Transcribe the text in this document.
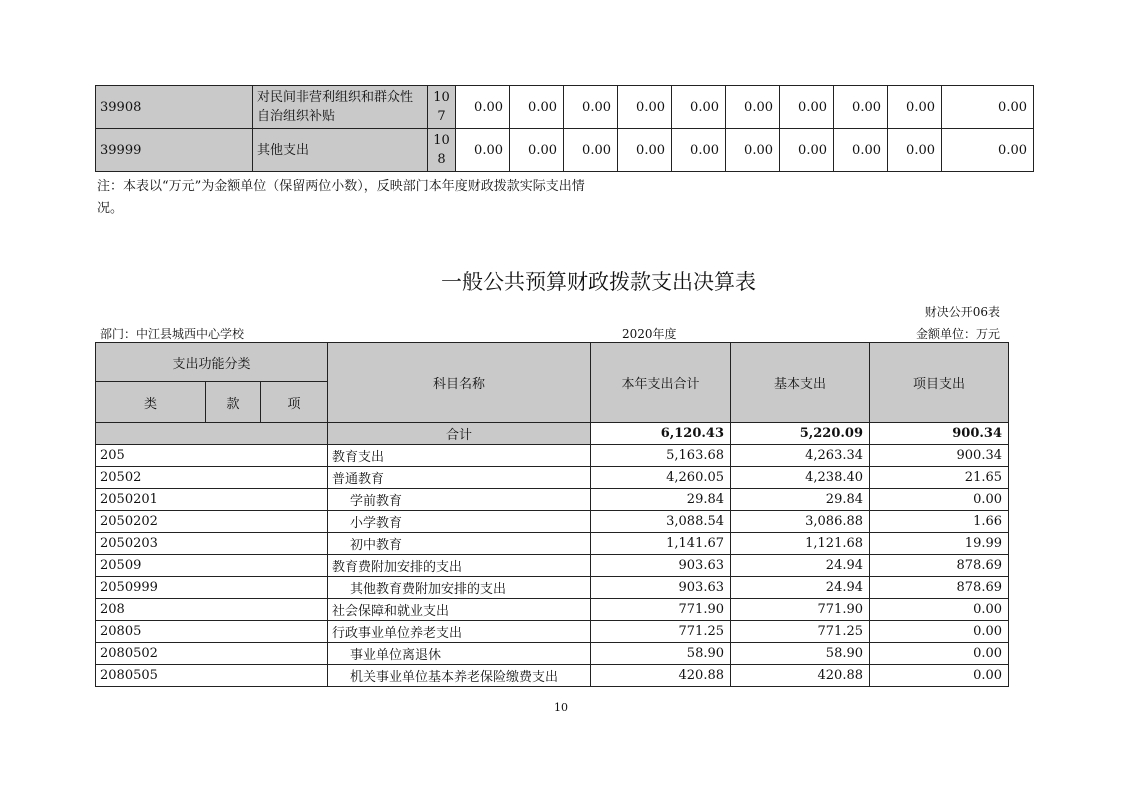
39908	对民间非营利组织和群众性自治组织补贴	107	0.00	0.00	0.00	0.00	0.00	0.00	0.00	0.00	0.00	0.00
39999	其他支出	108	0.00	0.00	0.00	0.00	0.00	0.00	0.00	0.00	0.00	0.00
注：本表以“万元”为金额单位（保留两位小数），反映部门本年度财政拨款实际支出情
况。
一般公共预算财政拨款支出决算表
财决公开06表
部门：中江县城西中心学校	2020年度	金额单位：万元
支出功能分类			科目名称	本年支出合计	基本支出	项目支出
类	款	项				
			合计	6,120.43	5,220.09	900.34
205			教育支出	5,163.68	4,263.34	900.34
20502			普通教育	4,260.05	4,238.40	21.65
2050201			学前教育	29.84	29.84	0.00
2050202			小学教育	3,088.54	3,086.88	1.66
2050203			初中教育	1,141.67	1,121.68	19.99
20509			教育费附加安排的支出	903.63	24.94	878.69
2050999			其他教育费附加安排的支出	903.63	24.94	878.69
208			社会保障和就业支出	771.90	771.90	0.00
20805			行政事业单位养老支出	771.25	771.25	0.00
2080502			事业单位离退休	58.90	58.90	0.00
2080505			机关事业单位基本养老保险缴费支出	420.88	420.88	0.00
10
